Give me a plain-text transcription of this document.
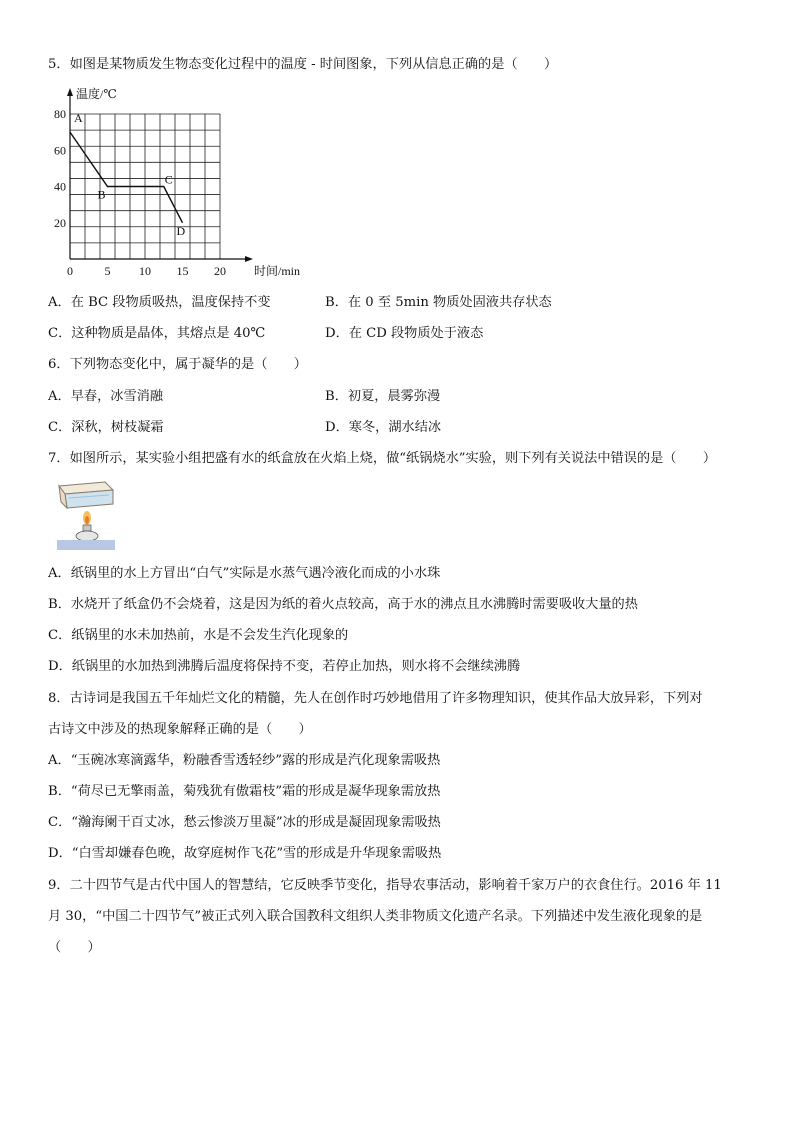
5．如图是某物质发生物态变化过程中的温度 - 时间图象，下列从信息正确的是（　　）
0	5 10 15 20
20
40
60
80 A
B
C
D
温度/℃
时间/min
A．在 BC 段物质吸热，温度保持不变	B．在 0 至 5min 物质处固液共存状态
C．这种物质是晶体，其熔点是 40℃	D．在 CD 段物质处于液态
6．下列物态变化中，属于凝华的是（　　）
A．早春，冰雪消融	B．初夏，晨雾弥漫
C．深秋，树枝凝霜	D．寒冬，湖水结冰
7．如图所示，某实验小组把盛有水的纸盒放在火焰上烧，做“纸锅烧水”实验，则下列有关说法中错误的是（　　）
A．纸锅里的水上方冒出“白气”实际是水蒸气遇冷液化而成的小水珠
B．水烧开了纸盒仍不会烧着，这是因为纸的着火点较高，高于水的沸点且水沸腾时需要吸收大量的热
C．纸锅里的水未加热前，水是不会发生汽化现象的
D．纸锅里的水加热到沸腾后温度将保持不变，若停止加热，则水将不会继续沸腾
8．古诗词是我国五千年灿烂文化的精髓，先人在创作时巧妙地借用了许多物理知识，使其作品大放异彩，下列对
古诗文中涉及的热现象解释正确的是（　　）
A．“玉碗冰寒滴露华，粉融香雪透轻纱”露的形成是汽化现象需吸热
B．“荷尽已无擎雨盖，菊残犹有傲霜枝”霜的形成是凝华现象需放热
C．“瀚海阑干百丈冰，愁云惨淡万里凝”冰的形成是凝固现象需吸热
D．“白雪却嫌春色晚，故穿庭树作飞花”雪的形成是升华现象需吸热
9．二十四节气是古代中国人的智慧结，它反映季节变化，指导农事活动，影响着千家万户的衣食住行。2016 年 11
月 30，“中国二十四节气”被正式列入联合国教科文组织人类非物质文化遗产名录。下列描述中发生液化现象的是
（　　）
